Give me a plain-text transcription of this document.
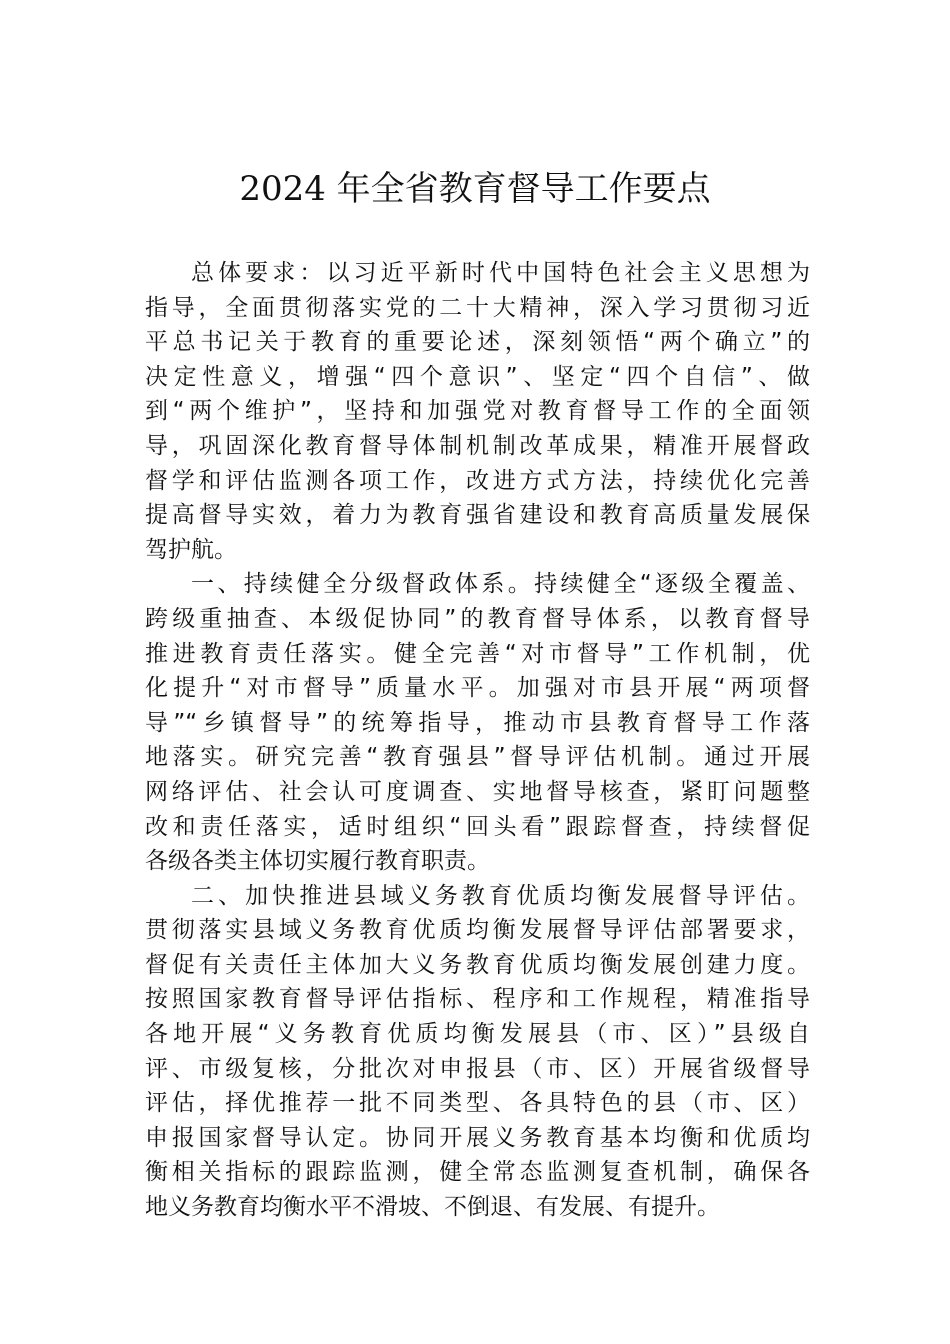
2024 年全省教育督导工作要点

总体要求：以习近平新时代中国特色社会主义思想为
指导，全面贯彻落实党的二十大精神，深入学习贯彻习近
平总书记关于教育的重要论述，深刻领悟“两个确立”的
决定性意义，增强“四个意识”、坚定“四个自信”、做
到“两个维护”，坚持和加强党对教育督导工作的全面领
导，巩固深化教育督导体制机制改革成果，精准开展督政
督学和评估监测各项工作，改进方式方法，持续优化完善
提高督导实效，着力为教育强省建设和教育高质量发展保
驾护航。

一、持续健全分级督政体系。持续健全“逐级全覆盖、
跨级重抽查、本级促协同”的教育督导体系，以教育督导
推进教育责任落实。健全完善“对市督导”工作机制，优
化提升“对市督导”质量水平。加强对市县开展“两项督
导”“乡镇督导”的统筹指导，推动市县教育督导工作落
地落实。研究完善“教育强县”督导评估机制。通过开展
网络评估、社会认可度调查、实地督导核查，紧盯问题整
改和责任落实，适时组织“回头看”跟踪督查，持续督促
各级各类主体切实履行教育职责。

二、加快推进县域义务教育优质均衡发展督导评估。
贯彻落实县域义务教育优质均衡发展督导评估部署要求，
督促有关责任主体加大义务教育优质均衡发展创建力度。
按照国家教育督导评估指标、程序和工作规程，精准指导
各地开展“义务教育优质均衡发展县（市、区）”县级自
评、市级复核，分批次对申报县（市、区）开展省级督导
评估，择优推荐一批不同类型、各具特色的县（市、区）
申报国家督导认定。协同开展义务教育基本均衡和优质均
衡相关指标的跟踪监测，健全常态监测复查机制，确保各
地义务教育均衡水平不滑坡、不倒退、有发展、有提升。
